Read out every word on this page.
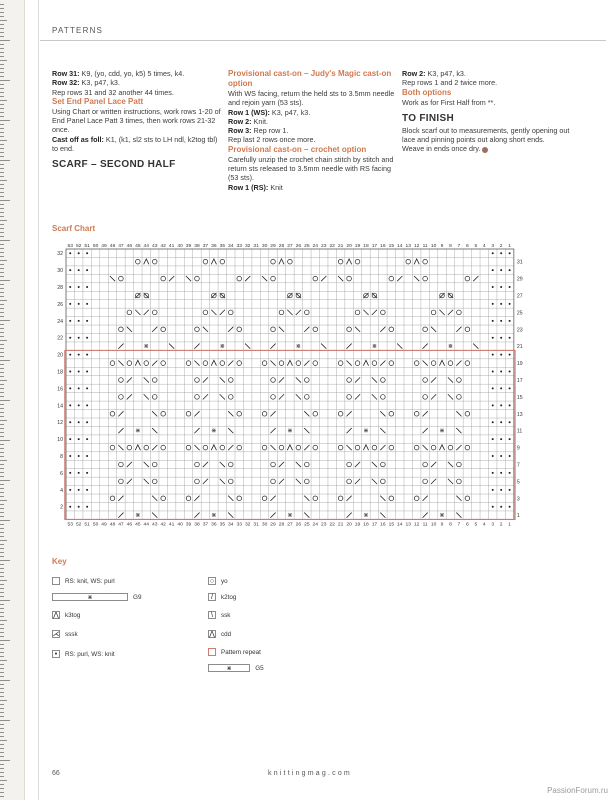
PATTERNS

Row 31: K9, (yo, cdd, yo, k5) 5 times, k4.

Row 32: K3, p47, k3.

Rep rows 31 and 32 another 44 times.

Set End Panel Lace Patt

Using Chart or written instructions, work rows 1-20 of End Panel Lace Patt 3 times, then work rows 21-32 once.

Cast off as foll: K1, (k1, sl2 sts to LH ndl, k2tog tbl) to end.

SCARF – SECOND HALF

Provisional cast-on – Judy's Magic cast-on option

With WS facing, return the held sts to 3.5mm needle and rejoin yarn (53 sts).

Row 1 (WS): K3, p47, k3.

Row 2: Knit.

Row 3: Rep row 1.

Rep last 2 rows once more.

Provisional cast-on – crochet option

Carefully unzip the crochet chain stitch by stitch and return sts released to 3.5mm needle with RS facing (53 sts).

Row 1 (RS): Knit

Row 2: K3, p47, k3.

Rep rows 1 and 2 twice more.

Both options

Work as for First Half from **.

TO FINISH

Block scarf out to measurements, gently opening out lace and pinning points out along short ends.

Weave in ends once dry.

Scarf Chart
⋇	⋇	⋇	⋇	⋇
⋇	⋇	⋇	⋇	⋇
⋇	⋇	⋇	⋇	⋇
53
53
52
52
51
51
50
50
49
49
48
48
47
47
46
46
45
45
44
44
43
43
42
42
41
41
40
40
39
39
38
38
37
37
36
36
35
35
34
34
33
33
32
32
31
31
30
30
29
29
28
28
27
27
26
26
25
25
24
24
23
23
22
22
21
21
20
20
19
19
18
18
17
17
16
16
15
15
14
14
13
13
12
12
11
11
10
10
9
9
8
8
7
7
6
6
5
5
4
4
3
3
2
2
1
1
2
4
6
8
10
12
14
16
18
20
22
24
26
28
30
32
1
3
5
7
9
11
13
15
17
19
21
23
25
27
29
31
Key
RS: knit, WS: purl
⋇	G9
⋀ k3tog
⋌ sssk
•	RS: purl, WS: knit
○	yo
/	k2tog
\	ssk
⋀ cdd
Pattern repeat
⋇	G5
66	knittingmag.com
PassionForum.ru
